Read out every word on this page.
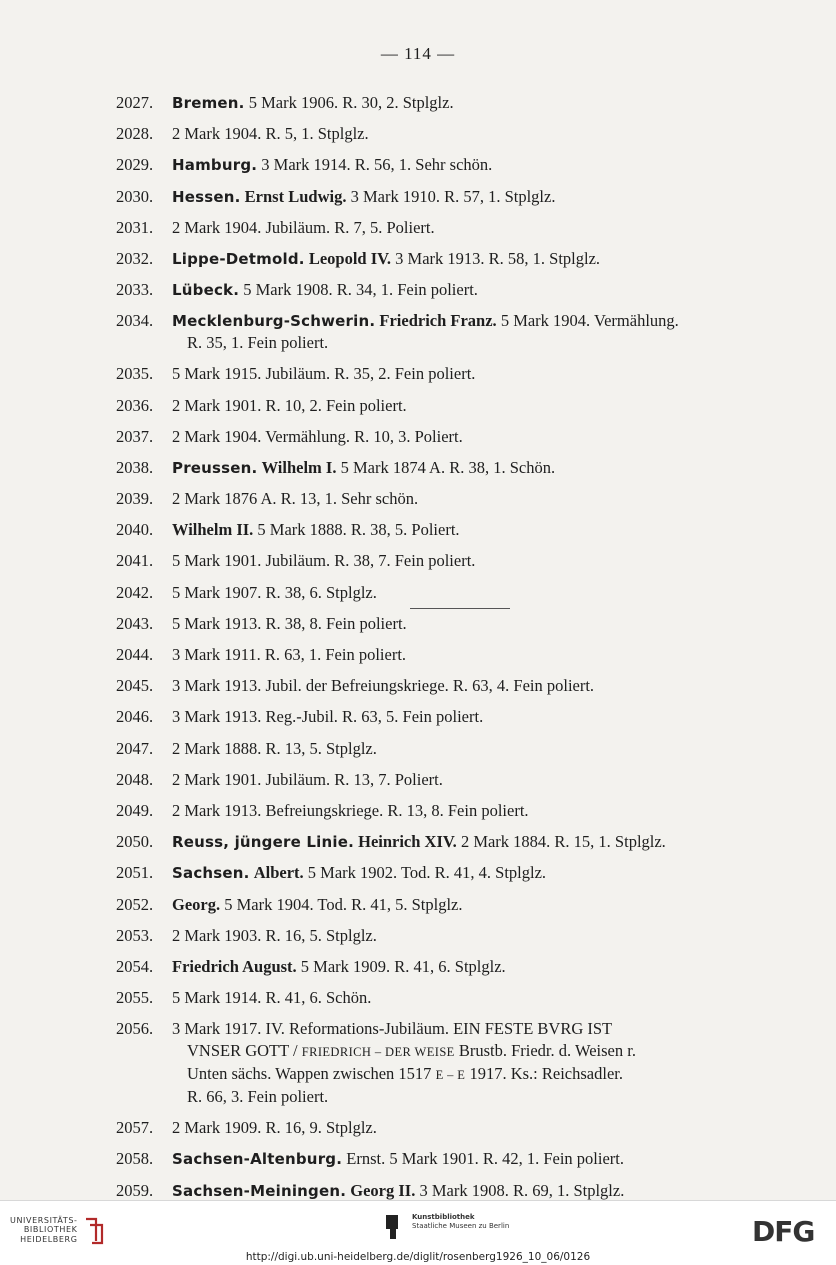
— 114 —
2027.	Bremen. 5 Mark 1906. R. 30, 2. Stplglz.
2028.	2 Mark 1904. R. 5, 1. Stplglz.
2029.	Hamburg. 3 Mark 1914. R. 56, 1. Sehr schön.
2030.	Hessen. Ernst Ludwig. 3 Mark 1910. R. 57, 1. Stplglz.
2031.	2 Mark 1904. Jubiläum. R. 7, 5. Poliert.
2032.	Lippe-Detmold. Leopold IV. 3 Mark 1913. R. 58, 1. Stplglz.
2033.	Lübeck. 5 Mark 1908. R. 34, 1. Fein poliert.
2034.	Mecklenburg-Schwerin. Friedrich Franz. 5 Mark 1904. Vermählung.
R. 35, 1. Fein poliert.
2035.	5 Mark 1915. Jubiläum. R. 35, 2. Fein poliert.
2036.	2 Mark 1901. R. 10, 2. Fein poliert.
2037.	2 Mark 1904. Vermählung. R. 10, 3. Poliert.
2038.	Preussen. Wilhelm I. 5 Mark 1874 A. R. 38, 1. Schön.
2039.	2 Mark 1876 A. R. 13, 1. Sehr schön.
2040.	Wilhelm II. 5 Mark 1888. R. 38, 5. Poliert.
2041.	5 Mark 1901. Jubiläum. R. 38, 7. Fein poliert.
2042.	5 Mark 1907. R. 38, 6. Stplglz.
2043.	5 Mark 1913. R. 38, 8. Fein poliert.
2044.	3 Mark 1911. R. 63, 1. Fein poliert.
2045.	3 Mark 1913. Jubil. der Befreiungskriege. R. 63, 4. Fein poliert.
2046.	3 Mark 1913. Reg.-Jubil. R. 63, 5. Fein poliert.
2047.	2 Mark 1888. R. 13, 5. Stplglz.
2048.	2 Mark 1901. Jubiläum. R. 13, 7. Poliert.
2049.	2 Mark 1913. Befreiungskriege. R. 13, 8. Fein poliert.
2050.	Reuss, jüngere Linie. Heinrich XIV. 2 Mark 1884. R. 15, 1. Stplglz.
2051.	Sachsen. Albert. 5 Mark 1902. Tod. R. 41, 4. Stplglz.
2052.	Georg. 5 Mark 1904. Tod. R. 41, 5. Stplglz.
2053.	2 Mark 1903. R. 16, 5. Stplglz.
2054.	Friedrich August. 5 Mark 1909. R. 41, 6. Stplglz.
2055.	5 Mark 1914. R. 41, 6. Schön.
2056.	3 Mark 1917. IV. Reformations-Jubiläum. EIN FESTE BVRG IST
VNSER GOTT / FRIEDRICH – DER WEISE Brustb. Friedr. d. Weisen r.
Unten sächs. Wappen zwischen 1517 E – E 1917. Ks.: Reichsadler.
R. 66, 3. Fein poliert.
2057.	2 Mark 1909. R. 16, 9. Stplglz.
2058.	Sachsen-Altenburg. Ernst. 5 Mark 1901. R. 42, 1. Fein poliert.
2059.	Sachsen-Meiningen. Georg II. 3 Mark 1908. R. 69, 1. Stplglz.
UNIVERSITÄTS-
BIBLIOTHEK
HEIDELBERG
Kunstbibliothek
Staatliche Museen zu Berlin	DFG
http://digi.ub.uni-heidelberg.de/diglit/rosenberg1926_10_06/0126
